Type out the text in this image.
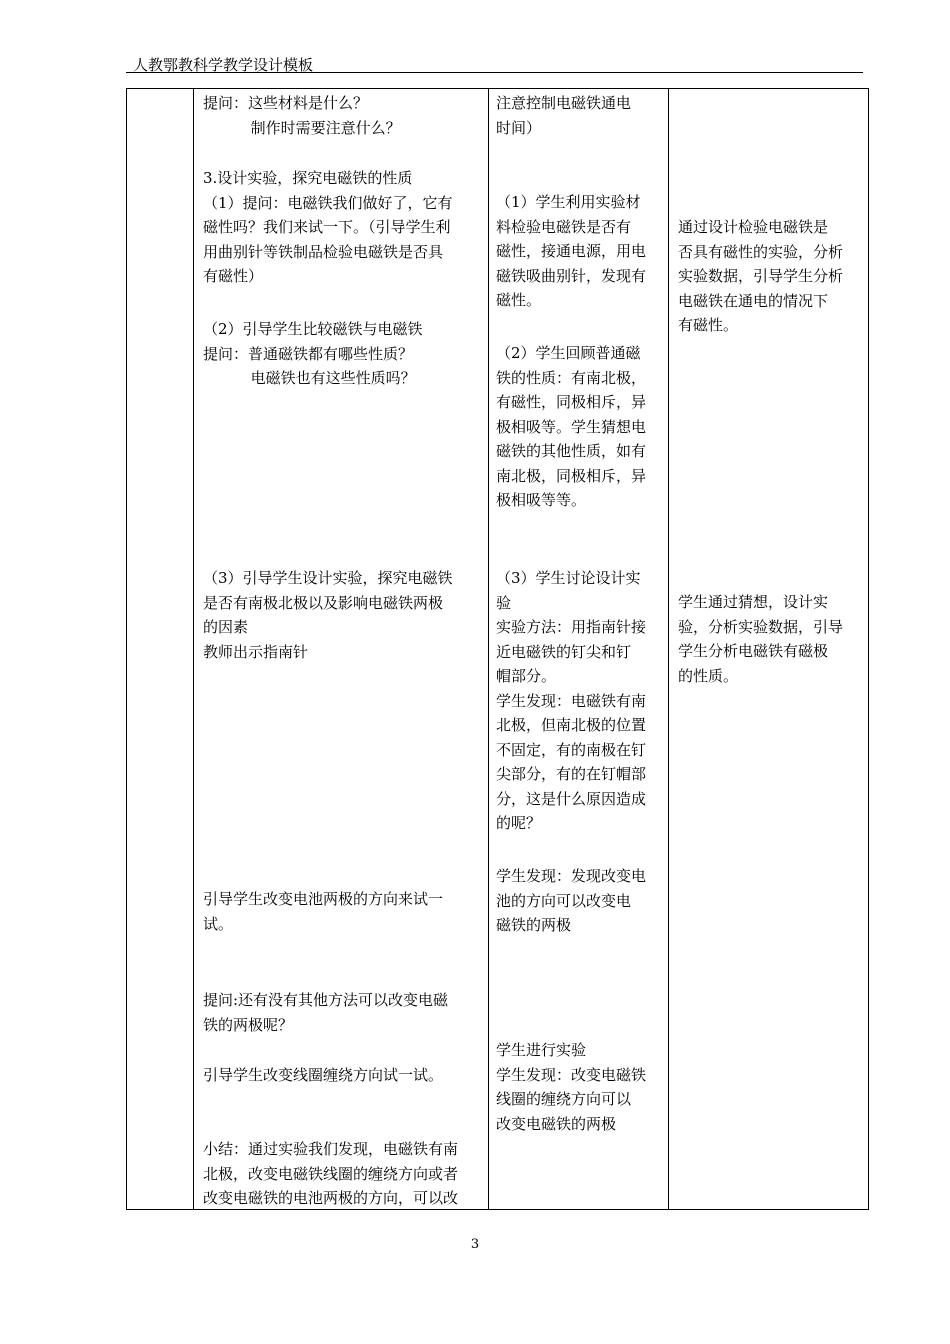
人教鄂教科学教学设计模板
提问：这些材料是什么？
制作时需要注意什么？
3.设计实验，探究电磁铁的性质
（1）提问：电磁铁我们做好了，它有
磁性吗？我们来试一下。（引导学生利
用曲别针等铁制品检验电磁铁是否具
有磁性）
（2）引导学生比较磁铁与电磁铁
提问：普通磁铁都有哪些性质？
电磁铁也有这些性质吗？
（3）引导学生设计实验，探究电磁铁
是否有南极北极以及影响电磁铁两极
的因素
教师出示指南针
引导学生改变电池两极的方向来试一
试。
提问:还有没有其他方法可以改变电磁
铁的两极呢？
引导学生改变线圈缠绕方向试一试。
小结：通过实验我们发现，电磁铁有南
北极，改变电磁铁线圈的缠绕方向或者
改变电磁铁的电池两极的方向，可以改
注意控制电磁铁通电
时间）
（1）学生利用实验材
料检验电磁铁是否有
磁性，接通电源，用电
磁铁吸曲别针，发现有
磁性。
（2）学生回顾普通磁
铁的性质：有南北极，
有磁性，同极相斥，异
极相吸等。学生猜想电
磁铁的其他性质，如有
南北极，同极相斥，异
极相吸等等。
（3）学生讨论设计实
验
实验方法：用指南针接
近电磁铁的钉尖和钉
帽部分。
学生发现：电磁铁有南
北极，但南北极的位置
不固定，有的南极在钉
尖部分，有的在钉帽部
分，这是什么原因造成
的呢？
学生发现：发现改变电
池的方向可以改变电
磁铁的两极
学生进行实验
学生发现：改变电磁铁
线圈的缠绕方向可以
改变电磁铁的两极
通过设计检验电磁铁是
否具有磁性的实验，分析
实验数据，引导学生分析
电磁铁在通电的情况下
有磁性。
学生通过猜想，设计实
验，分析实验数据，引导
学生分析电磁铁有磁极
的性质。
3
